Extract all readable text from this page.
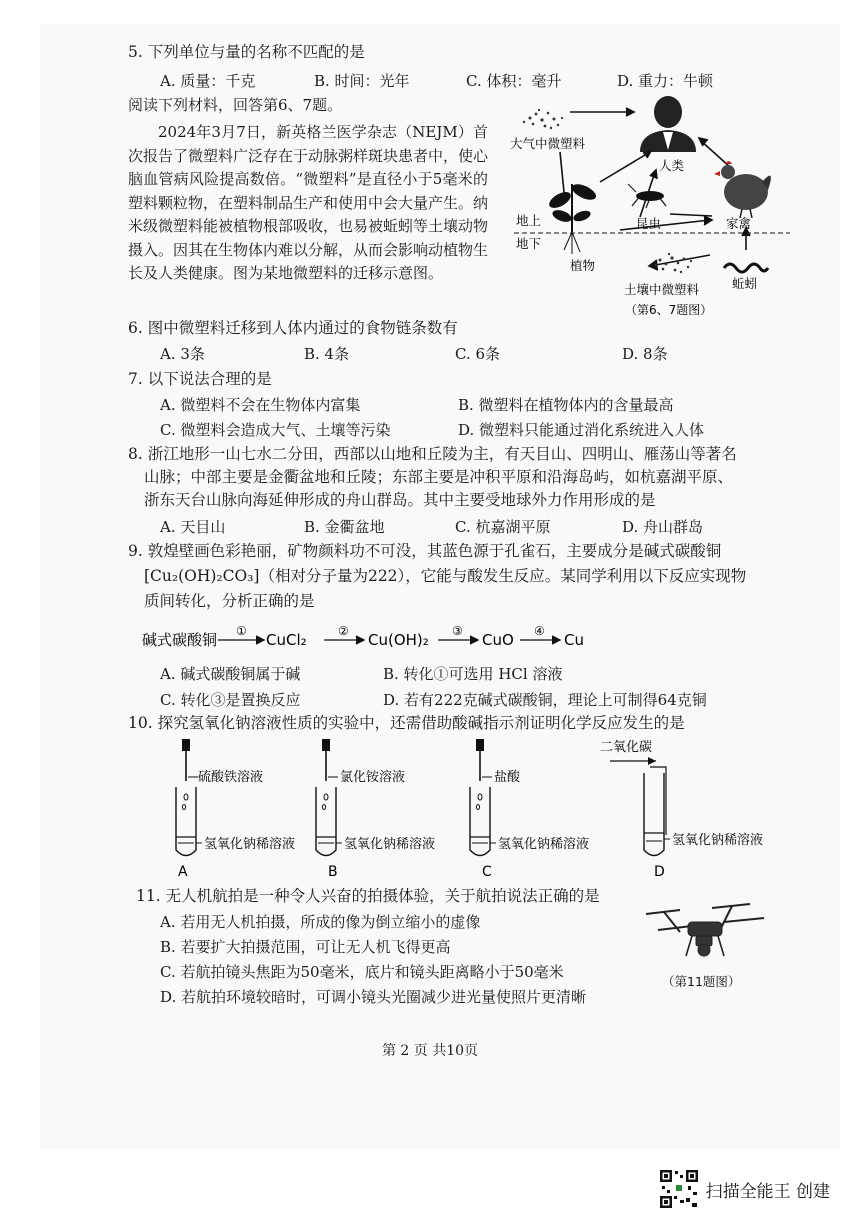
5. 下列单位与量的名称不匹配的是
A. 质量：千克	B. 时间：光年	C. 体积：毫升	D. 重力：牛顿
阅读下列材料，回答第6、7题。
2024年3月7日，新英格兰医学杂志（NEJM）首次报告了微塑料广泛存在于动脉粥样斑块患者中，使心脑血管病风险提高数倍。“微塑料”是直径小于5毫米的塑料颗粒物，在塑料制品生产和使用中会大量产生。纳米级微塑料能被植物根部吸收，也易被蚯蚓等土壤动物摄入。因其在生物体内难以分解，从而会影响动植物生长及人类健康。图为某地微塑料的迁移示意图。
大气中微塑料
人类
昆虫	家禽
地上
地下
植物
蚯蚓
土壤中微塑料
（第6、7题图）
6. 图中微塑料迁移到人体内通过的食物链条数有
A. 3条	B. 4条	C. 6条	D. 8条
7. 以下说法合理的是
A. 微塑料不会在生物体内富集	B. 微塑料在植物体内的含量最高
C. 微塑料会造成大气、土壤等污染	D. 微塑料只能通过消化系统进入人体
8. 浙江地形一山七水二分田，西部以山地和丘陵为主，有天目山、四明山、雁荡山等著名
山脉；中部主要是金衢盆地和丘陵；东部主要是冲积平原和沿海岛屿，如杭嘉湖平原、
浙东天台山脉向海延伸形成的舟山群岛。其中主要受地球外力作用形成的是
A. 天目山	B. 金衢盆地	C. 杭嘉湖平原	D. 舟山群岛
9. 敦煌壁画色彩艳丽，矿物颜料功不可没，其蓝色源于孔雀石，主要成分是碱式碳酸铜
[Cu₂(OH)₂CO₃]（相对分子量为222），它能与酸发生反应。某同学利用以下反应实现物
质间转化，分析正确的是
碱式碳酸铜 ①	②	③	④
CuCl₂	Cu(OH)₂	CuO	Cu
A. 碱式碳酸铜属于碱	B. 转化①可选用 HCl 溶液
C. 转化③是置换反应	D. 若有222克碱式碳酸铜，理论上可制得64克铜
10. 探究氢氧化钠溶液性质的实验中，还需借助酸碱指示剂证明化学反应发生的是
硫酸铁溶液
氢氧化钠稀溶液
A
氯化铵溶液
氢氧化钠稀溶液
B
盐酸
氢氧化钠稀溶液
C
二氧化碳
氢氧化钠稀溶液
D
11. 无人机航拍是一种令人兴奋的拍摄体验，关于航拍说法正确的是
A. 若用无人机拍摄，所成的像为倒立缩小的虚像
B. 若要扩大拍摄范围，可让无人机飞得更高
C. 若航拍镜头焦距为50毫米，底片和镜头距离略小于50毫米
D. 若航拍环境较暗时，可调小镜头光圈减少进光量使照片更清晰
（第11题图）
第 2 页 共10页
扫描全能王 创建
